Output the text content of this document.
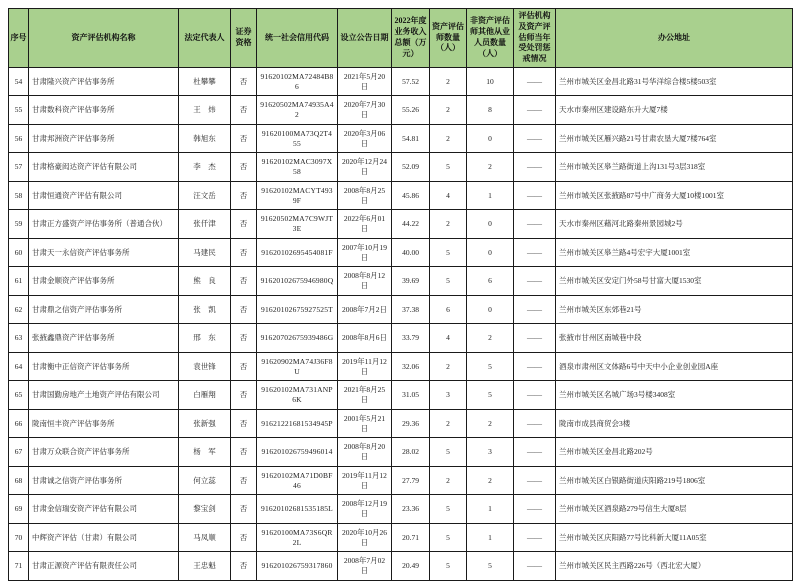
序号	资产评估机构名称	法定代表人	证券资格	统一社会信用代码	设立公告日期	2022年度业务收入总额（万元）	资产评估师数量（人）	非资产评估师其他从业人员数量（人）	评估机构及资产评估师当年受处罚惩戒情况	办公地址
54	甘肃隆兴资产评估事务所	杜攀攀	否	91620102MA72484B86	2021年5月20日	57.52	2	10	——	兰州市城关区金昌北路31号华洋综合楼5楼503室
55	甘肃数科资产评估事务所	王　炜	否	91620502MA74935A42	2020年7月30日	55.26	2	8	——	天水市秦州区建设路东升大厦7楼
56	甘肃邦洲资产评估事务所	韩旭东	否	91620100MA73Q2T455	2020年3月06日	54.81	2	0	——	兰州市城关区雁兴路21号甘肃农垦大厦7楼764室
57	甘肃格豪闳达资产评估有限公司	李　杰	否	91620102MAC3097X58	2020年12月24日	52.09	5	2	——	兰州市城关区皋兰路街道上沟131号3层318室
58	甘肃恒通资产评估有限公司	汪文岳	否	91620102MACYT4939F	2008年8月25日	45.86	4	1	——	兰州市城关区张掖路87号中广商务大厦10楼1001室
59	甘肃正方盛资产评估事务所（普通合伙）	张仟津	否	91620502MA7C9WJT3E	2022年6月01日	44.22	2	0	——	天水市秦州区藉河北路秦州景园城2号
60	甘肃天一永信资产评估事务所	马建民	否	91620102695454081F	2007年10月19日	40.00	5	0	——	兰州市城关区皋兰路4号宏宇大厦1001室
61	甘肃金顺资产评估事务所	熊　良	否	91620102675946980Q	2008年8月12日	39.69	5	6	——	兰州市城关区安定门外58号甘富大厦1530室
62	甘肃鼎之信资产评估事务所	张　凯	否	91620102675927525T	2008年7月2日	37.38	6	0	——	兰州市城关区东郊巷21号
63	张掖鑫鼎资产评估事务所	邢　东	否	91620702675939486G	2008年8月6日	33.79	4	2	——	张掖市甘州区南城巷中段
64	甘肃衡中正信资产评估事务所	袁世锋	否	91620902MA74J36F8U	2019年11月12日	32.06	2	5	——	酒泉市肃州区文体路6号中天中小企业创业园A座
65	甘肃国勤房地产土地资产评估有限公司	白雁翔	否	91620102MA731ANP6K	2021年8月25日	31.05	3	5	——	兰州市城关区名城广场3号楼3408室
66	陇南恒丰资产评估事务所	张新强	否	91621221681534945P	2001年5月21日	29.36	2	2	——	陇南市成县商贸会3楼
67	甘肃万众联合资产评估事务所	杨　军	否	916201026759496014	2008年8月20日	28.02	5	3	——	兰州市城关区金昌北路202号
68	甘肃诚之信资产评估事务所	何立蕊	否	91620102MA71D0BF46	2019年11月12日	27.79	2	2	——	兰州市城关区白银路街道庆阳路219号1806室
69	甘肃金信瑞安资产评估有限公司	黎宝剑	否	91620102681535185L	2008年12月19日	23.36	5	1	——	兰州市城关区酒泉路279号信生大厦8层
70	中辉资产评估（甘肃）有限公司	马凤顺	否	91620100MA73S6QR2L	2020年10月26日	20.71	5	1	——	兰州市城关区庆阳路77号比科新大厦11A05室
71	甘肃正源资产评估有限责任公司	王忠魁	否	916201026759317860	2008年7月02日	20.49	5	5	——	兰州市城关区民主西路226号（西北宏大厦）
